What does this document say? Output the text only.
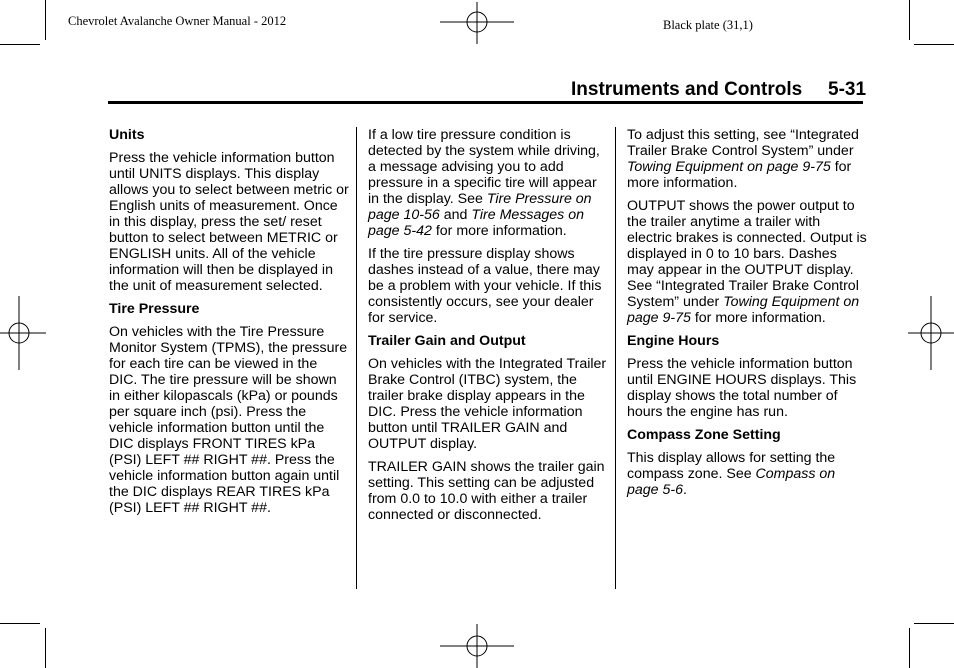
Chevrolet Avalanche Owner Manual - 2012	Black plate (31,1)
Instruments and Controls 5-31
Units

Press the vehicle information button until UNITS displays. This display allows you to select between metric or English units of measurement. Once in this display, press the set/ reset button to select between METRIC or ENGLISH units. All of the vehicle information will then be displayed in the unit of measurement selected.

Tire Pressure

On vehicles with the Tire Pressure Monitor System (TPMS), the pressure for each tire can be viewed in the DIC. The tire pressure will be shown in either kilopascals (kPa) or pounds per square inch (psi). Press the vehicle information button until the DIC displays FRONT TIRES kPa (PSI) LEFT ## RIGHT ##. Press the vehicle information button again until the DIC displays REAR TIRES kPa (PSI) LEFT ## RIGHT ##.

If a low tire pressure condition is detected by the system while driving, a message advising you to add pressure in a specific tire will appear in the display. See Tire Pressure on page 10-56 and Tire Messages on page 5-42 for more information.

If the tire pressure display shows dashes instead of a value, there may be a problem with your vehicle. If this consistently occurs, see your dealer for service.

Trailer Gain and Output

On vehicles with the Integrated Trailer Brake Control (ITBC) system, the trailer brake display appears in the DIC. Press the vehicle information button until TRAILER GAIN and OUTPUT display.

TRAILER GAIN shows the trailer gain setting. This setting can be adjusted from 0.0 to 10.0 with either a trailer connected or disconnected.

To adjust this setting, see “Integrated Trailer Brake Control System” under Towing Equipment on page 9-75 for more information.

OUTPUT shows the power output to the trailer anytime a trailer with electric brakes is connected. Output is displayed in 0 to 10 bars. Dashes may appear in the OUTPUT display. See “Integrated Trailer Brake Control System” under Towing Equipment on page 9-75 for more information.

Engine Hours

Press the vehicle information button until ENGINE HOURS displays. This display shows the total number of hours the engine has run.

Compass Zone Setting

This display allows for setting the compass zone. See Compass on page 5-6.
